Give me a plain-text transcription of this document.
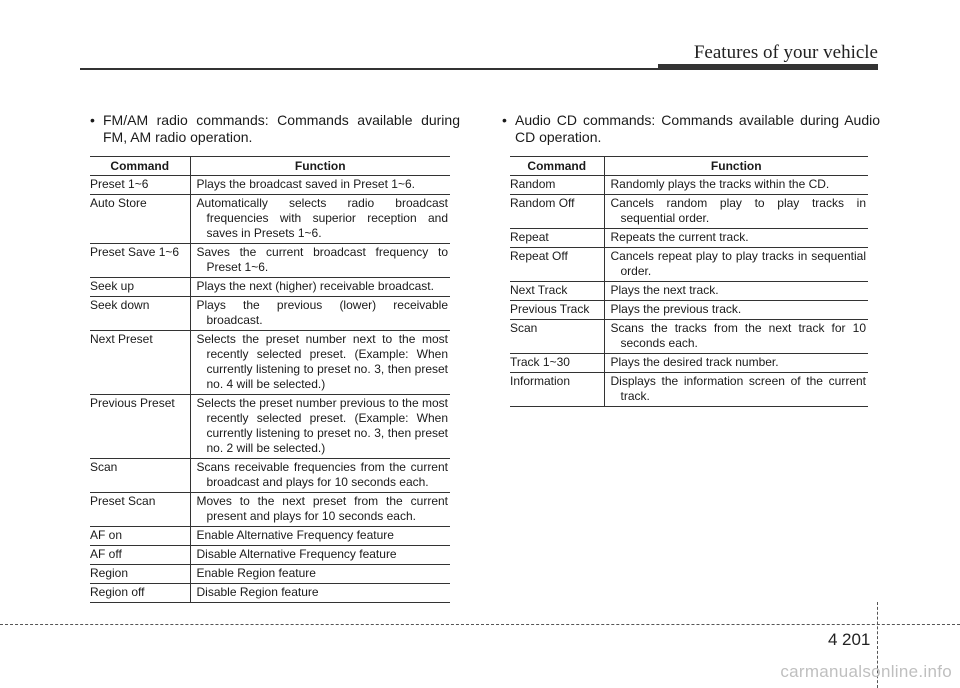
Features of your vehicle
• FM/AM radio commands: Commands available during FM, AM radio operation.
Command	Function
Preset 1~6	Plays the broadcast saved in Preset 1~6.

Auto Store	Automatically selects radio broadcast frequencies with superior reception and saves in Presets 1~6.

Preset Save 1~6	Saves the current broadcast frequency to Preset 1~6.

Seek up	Plays the next (higher) receivable broadcast.

Seek down	Plays the previous (lower) receivable broadcast.

Next Preset	Selects the preset number next to the most recently selected preset. (Example: When currently listening to preset no. 3, then preset no. 4 will be selected.)

Previous Preset	Selects the preset number previous to the most recently selected preset. (Example: When currently listening to preset no. 3, then preset no. 2 will be selected.)

Scan	Scans receivable frequencies from the current broadcast and plays for 10 seconds each.

Preset Scan	Moves to the next preset from the current present and plays for 10 seconds each.

AF on	Enable Alternative Frequency feature

AF off	Disable Alternative Frequency feature

Region	Enable Region feature

Region off	Disable Region feature
• Audio CD commands: Commands available during Audio CD operation.
Command	Function
Random	Randomly plays the tracks within the CD.

Random Off	Cancels random play to play tracks in sequential order.

Repeat	Repeats the current track.

Repeat Off	Cancels repeat play to play tracks in sequential order.

Next Track	Plays the next track.

Previous Track	Plays the previous track.

Scan	Scans the tracks from the next track for 10 seconds each.

Track 1~30	Plays the desired track number.

Information	Displays the information screen of the current track.
4 201
carmanualsonline.info
